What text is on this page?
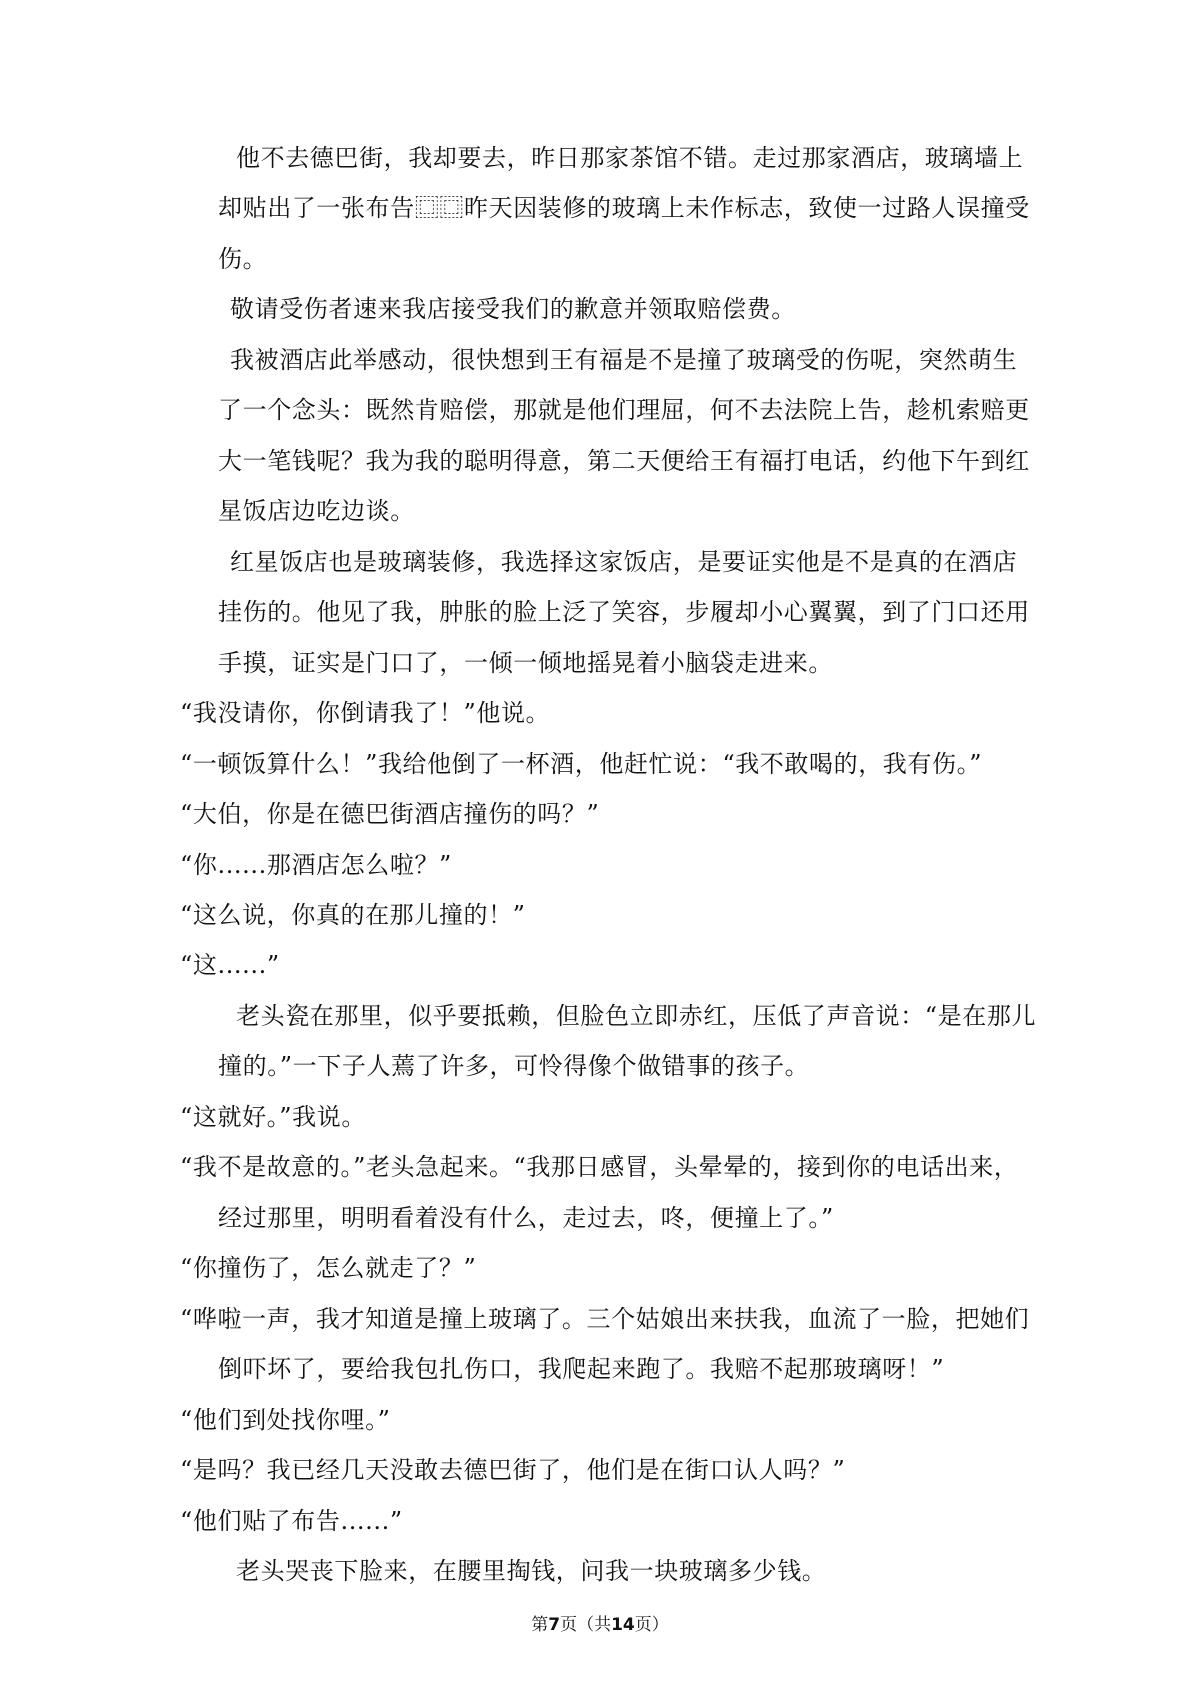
他不去德巴街，我却要去，昨日那家茶馆不错。走过那家酒店，玻璃墙上
却贴出了一张布告⿴⿴昨天因装修的玻璃上未作标志，致使一过路人误撞受
伤。
敬请受伤者速来我店接受我们的歉意并领取赔偿费。
我被酒店此举感动，很快想到王有福是不是撞了玻璃受的伤呢，突然萌生
了一个念头：既然肯赔偿，那就是他们理屈，何不去法院上告，趁机索赔更
大一笔钱呢？我为我的聪明得意，第二天便给王有福打电话，约他下午到红
星饭店边吃边谈。
红星饭店也是玻璃装修，我选择这家饭店，是要证实他是不是真的在酒店
挂伤的。他见了我，肿胀的脸上泛了笑容，步履却小心翼翼，到了门口还用
手摸，证实是门口了，一倾一倾地摇晃着小脑袋走进来。
“我没请你，你倒请我了！”他说。
“一顿饭算什么！”我给他倒了一杯酒，他赶忙说：“我不敢喝的，我有伤。”
“大伯，你是在德巴街酒店撞伤的吗？”
“你......那酒店怎么啦？”
“这么说，你真的在那儿撞的！”
“这......”
老头瓷在那里，似乎要抵赖，但脸色立即赤红，压低了声音说：“是在那儿
撞的。”一下子人蔫了许多，可怜得像个做错事的孩子。
“这就好。”我说。
“我不是故意的。”老头急起来。“我那日感冒，头晕晕的，接到你的电话出来，
经过那里，明明看着没有什么，走过去，咚，便撞上了。”
“你撞伤了，怎么就走了？”
“哗啦一声，我才知道是撞上玻璃了。三个姑娘出来扶我，血流了一脸，把她们
倒吓坏了，要给我包扎伤口，我爬起来跑了。我赔不起那玻璃呀！”
“他们到处找你哩。”
“是吗？我已经几天没敢去德巴街了，他们是在街口认人吗？”
“他们贴了布告......”
老头哭丧下脸来，在腰里掏钱，问我一块玻璃多少钱。
第7页（共14页）
